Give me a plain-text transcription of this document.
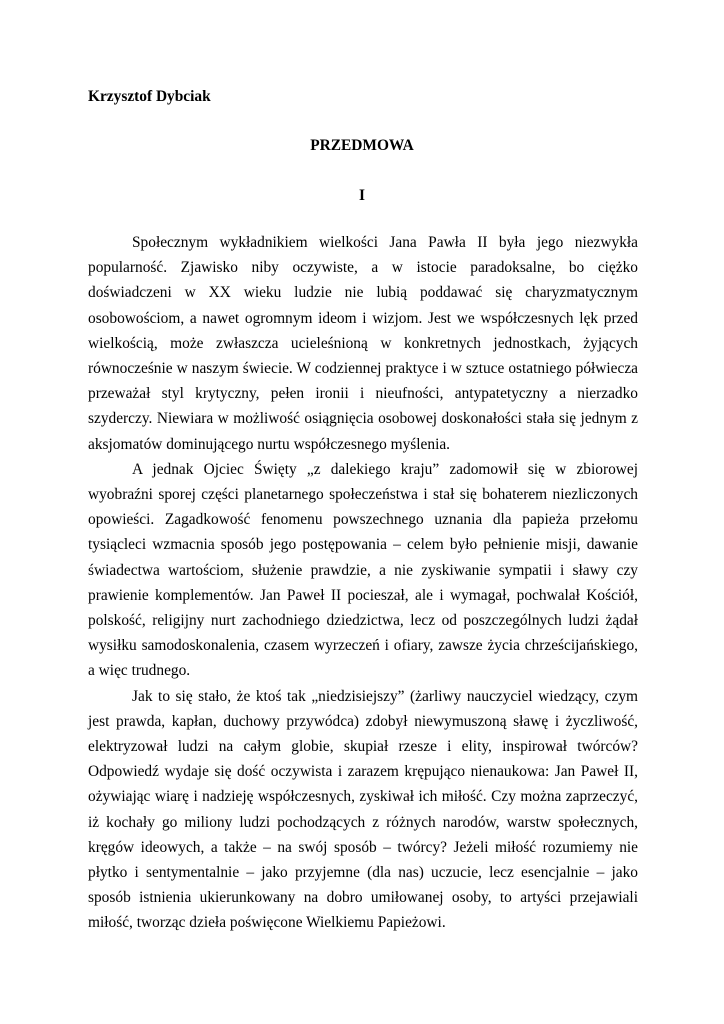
Krzysztof Dybciak

PRZEDMOWA

I

Społecznym wykładnikiem wielkości Jana Pawła II była jego niezwykła popularność. Zjawisko niby oczywiste, a w istocie paradoksalne, bo ciężko doświadczeni w XX wieku ludzie nie lubią poddawać się charyzmatycznym osobowościom, a nawet ogromnym ideom i wizjom. Jest we współczesnych lęk przed wielkością, może zwłaszcza ucieleśnioną w konkretnych jednostkach, żyjących równocześnie w naszym świecie. W codziennej praktyce i w sztuce ostatniego półwiecza przeważał styl krytyczny, pełen ironii i nieufności, antypatetyczny a nierzadko szyderczy. Niewiara w możliwość osiągnięcia osobowej doskonałości stała się jednym z aksjomatów dominującego nurtu współczesnego myślenia.

A jednak Ojciec Święty „z dalekiego kraju” zadomowił się w zbiorowej wyobraźni sporej części planetarnego społeczeństwa i stał się bohaterem niezliczonych opowieści. Zagadkowość fenomenu powszechnego uznania dla papieża przełomu tysiącleci wzmacnia sposób jego postępowania – celem było pełnienie misji, dawanie świadectwa wartościom, służenie prawdzie, a nie zyskiwanie sympatii i sławy czy prawienie komplementów. Jan Paweł II pocieszał, ale i wymagał, pochwalał Kościół, polskość, religijny nurt zachodniego dziedzictwa, lecz od poszczególnych ludzi żądał wysiłku samodoskonalenia, czasem wyrzeczeń i ofiary, zawsze życia chrześcijańskiego, a więc trudnego.

Jak to się stało, że ktoś tak „niedzisiejszy” (żarliwy nauczyciel wiedzący, czym jest prawda, kapłan, duchowy przywódca) zdobył niewymuszoną sławę i życzliwość, elektryzował ludzi na całym globie, skupiał rzesze i elity, inspirował twórców? Odpowiedź wydaje się dość oczywista i zarazem krępująco nienaukowa: Jan Paweł II, ożywiając wiarę i nadzieję współczesnych, zyskiwał ich miłość. Czy można zaprzeczyć, iż kochały go miliony ludzi pochodzących z różnych narodów, warstw społecznych, kręgów ideowych, a także – na swój sposób – twórcy? Jeżeli miłość rozumiemy nie płytko i sentymentalnie – jako przyjemne (dla nas) uczucie, lecz esencjalnie – jako sposób istnienia ukierunkowany na dobro umiłowanej osoby, to artyści przejawiali miłość, tworząc dzieła poświęcone Wielkiemu Papieżowi.
